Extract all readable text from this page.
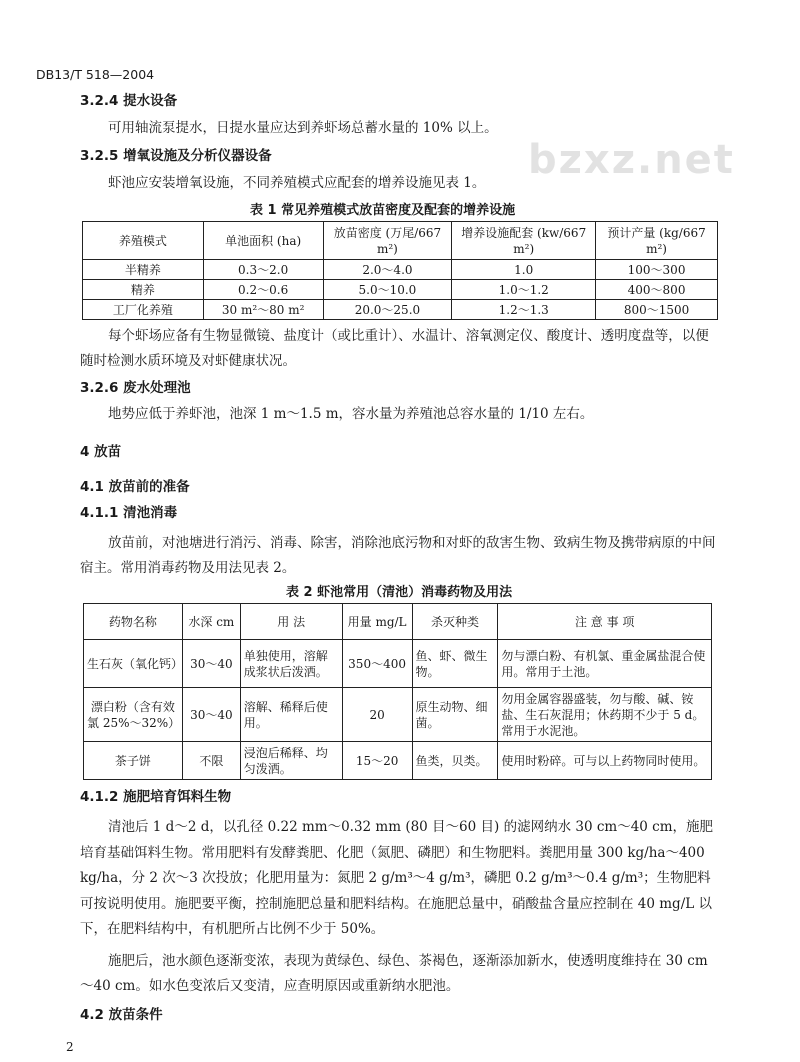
bzxz.net
DB13/T 518—2004
3.2.4 提水设备
可用轴流泵提水，日提水量应达到养虾场总蓄水量的 10% 以上。
3.2.5 增氧设施及分析仪器设备
虾池应安装增氧设施，不同养殖模式应配套的增养设施见表 1。
表 1 常见养殖模式放苗密度及配套的增养设施
养殖模式	单池面积 (ha)	放苗密度 (万尾/667 m²)	增养设施配套 (kw/667 m²)	预计产量 (kg/667 m²)
半精养	0.3～2.0	2.0～4.0	1.0	100～300
精养	0.2～0.6	5.0～10.0	1.0～1.2	400～800
工厂化养殖	30 m²～80 m²	20.0～25.0	1.2～1.3	800～1500
每个虾场应备有生物显微镜、盐度计（或比重计）、水温计、溶氧测定仪、酸度计、透明度盘等，以便随时检测水质环境及对虾健康状况。
3.2.6 废水处理池
地势应低于养虾池，池深 1 m～1.5 m，容水量为养殖池总容水量的 1/10 左右。
4 放苗
4.1 放苗前的准备
4.1.1 清池消毒
放苗前，对池塘进行消污、消毒、除害，消除池底污物和对虾的敌害生物、致病生物及携带病原的中间宿主。常用消毒药物及用法见表 2。
表 2 虾池常用（清池）消毒药物及用法
药物名称	水深 cm	用 法	用量 mg/L	杀灭种类	注 意 事 项
生石灰（氧化钙）	30～40	单独使用，溶解成浆状后泼洒。	350～400	鱼、虾、微生物。	勿与漂白粉、有机氯、重金属盐混合使用。常用于土池。
漂白粉（含有效氯 25%～32%）	30～40	溶解、稀释后使用。	20	原生动物、细菌。	勿用金属容器盛装，勿与酸、碱、铵盐、生石灰混用；休药期不少于 5 d。常用于水泥池。
茶子饼	不限	浸泡后稀释、均匀泼洒。	15～20	鱼类，贝类。	使用时粉碎。可与以上药物同时使用。
4.1.2 施肥培育饵料生物
清池后 1 d～2 d，以孔径 0.22 mm～0.32 mm (80 目～60 目) 的滤网纳水 30 cm～40 cm，施肥培育基础饵料生物。常用肥料有发酵粪肥、化肥（氮肥、磷肥）和生物肥料。粪肥用量 300 kg/ha～400 kg/ha，分 2 次～3 次投放；化肥用量为：氮肥 2 g/m³～4 g/m³，磷肥 0.2 g/m³～0.4 g/m³；生物肥料可按说明使用。施肥要平衡，控制施肥总量和肥料结构。在施肥总量中，硝酸盐含量应控制在 40 mg/L 以下，在肥料结构中，有机肥所占比例不少于 50%。
施肥后，池水颜色逐渐变浓，表现为黄绿色、绿色、茶褐色，逐渐添加新水，使透明度维持在 30 cm～40 cm。如水色变浓后又变清，应查明原因或重新纳水肥池。
4.2 放苗条件
2
